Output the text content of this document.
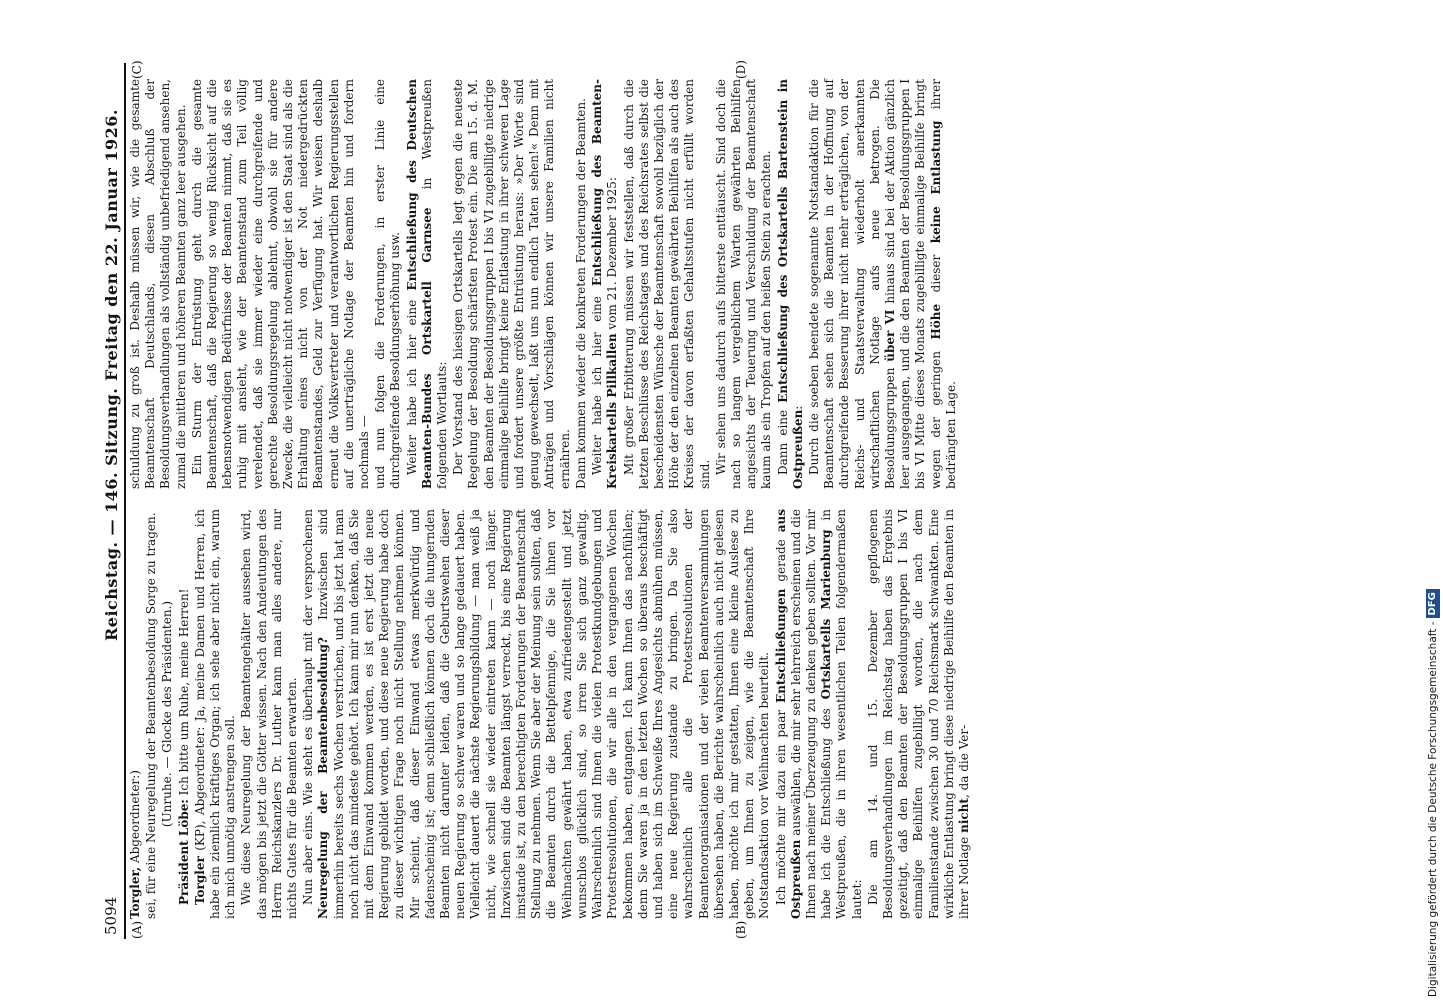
5094
Reichstag. — 146. Sitzung.
Freitag den 22. Januar 1926.
(A)	(B)
(C)	(D)

Torgler, Abgeordneter:) sei, für eine Neuregelung der Beamtenbesoldung Sorge zu tragen. (Unruhe. — Glocke des Präsidenten.)

Präsident Löbe: Ich bitte um Ruhe, meine Herren!

Torgler (KP), Abgeordneter: Ja, meine Damen und Herren, ich habe ein ziemlich kräftiges Organ; ich sehe aber nicht ein, warum ich mich unnötig anstrengen soll. Wie diese Neuregelung der Beamtengehälter aussehen wird, das mögen bis jetzt die Götter wissen. Nach den Andeutungen des Herrn Reichskanzlers Dr. Luther kann man alles andere, nur nichts Gutes für die Beamten erwarten. Nun aber eins. Wie steht es überhaupt mit der versprochenen Neuregelung der Beamtenbesoldung? Inzwischen sind immerhin bereits sechs Wochen verstrichen, und bis jetzt hat man noch nicht das mindeste gehört. Ich kann mir nun denken, daß Sie mit dem Einwand kommen werden, es ist erst jetzt die neue Regierung gebildet worden, und diese neue Regierung habe doch zu dieser wichtigen Frage noch nicht Stellung nehmen können. Mir scheint, daß dieser Einwand etwas merkwürdig und fadenscheinig ist; denn schließlich können doch die hungernden Beamten nicht darunter leiden, daß die Geburtswehen dieser neuen Regierung so schwer waren und so lange gedauert haben. Vielleicht dauert die nächste Regierungsbildung — man weiß ja nicht, wie schnell sie wieder eintreten kann — noch länger. Inzwischen sind die Beamten längst verreckt, bis eine Regierung imstande ist, zu den berechtigten Forderungen der Beamtenschaft Stellung zu nehmen. Wenn Sie aber der Meinung sein sollten, daß die Beamten durch die Bettelpfennige, die Sie ihnen vor Weihnachten gewährt haben, etwa zufriedengestellt und jetzt wunschlos glücklich sind, so irren Sie sich ganz gewaltig. Wahrscheinlich sind Ihnen die vielen Protestkundgebungen und Protestresolutionen, die wir alle in den vergangenen Wochen bekommen haben, entgangen. Ich kann Ihnen das nachfühlen; denn Sie waren ja in den letzten Wochen so überaus beschäftigt und haben sich im Schweiße Ihres Angesichts abmühen müssen, eine neue Regierung zustande zu bringen. Da Sie also wahrscheinlich alle die Protestresolutionen der Beamtenorganisationen und der vielen Beamtenversammlungen übersehen haben, die Berichte wahrscheinlich auch nicht gelesen haben, möchte ich mir gestatten, Ihnen eine kleine Auslese zu geben, um Ihnen zu zeigen, wie die Beamtenschaft Ihre Notstandsaktion vor Weihnachten beurteilt. Ich möchte mir dazu ein paar Entschließungen gerade aus Ostpreußen auswählen, die mir sehr lehrreich erscheinen und die Ihnen nach meiner Überzeugung zu denken geben sollten. Vor mir habe ich die Entschließung des Ortskartells Marienburg in Westpreußen, die in ihren wesentlichen Teilen folgendermaßen lautet: Die am 14. und 15. Dezember gepflogenen Besoldungsverhandlungen im Reichstag haben das Ergebnis gezeitigt, daß den Beamten der Besoldungsgruppen I bis VI einmalige Beihilfen zugebilligt worden, die nach dem Familienstande zwischen 30 und 70 Reichsmark schwankten. Eine wirkliche Entlastung bringt diese niedrige Beihilfe den Beamten in ihrer Notlage nicht, da die Ver-

schuldung zu groß ist. Deshalb müssen wir, wie die gesamte Beamtenschaft Deutschlands, diesen Abschluß der Besoldungsverhandlungen als vollständig unbefriedigend ansehen, zumal die mittleren und höheren Beamten ganz leer ausgehen. Ein Sturm der Entrüstung geht durch die gesamte Beamtenschaft, daß die Regierung so wenig Rücksicht auf die lebensnotwendigen Bedürfnisse der Beamten nimmt, daß sie es ruhig mit ansieht, wie der Beamtenstand zum Teil völlig verelendet, daß sie immer wieder eine durchgreifende und gerechte Besoldungsregelung ablehnt, obwohl sie für andere Zwecke, die vielleicht nicht notwendiger ist den Staat sind als die Erhaltung eines nicht von der Not niedergedrückten Beamtenstandes, Geld zur Verfügung hat. Wir weisen deshalb erneut die Volksvertreter und verantwortlichen Regierungsstellen auf die unerträgliche Notlage der Beamten hin und fordern nochmals — und nun folgen die Forderungen, in erster Linie eine durchgreifende Besoldungserhöhung usw. Weiter habe ich hier eine Entschließung des Deutschen Beamten-Bundes Ortskartell Garnsee in Westpreußen folgenden Wortlauts: Der Vorstand des hiesigen Ortskartells legt gegen die neueste Regelung der Besoldung schärfsten Protest ein. Die am 15. d. M. den Beamten der Besoldungsgruppen I bis VI zugebilligte niedrige einmalige Beihilfe bringt keine Entlastung in ihrer schweren Lage und fordert unsere größte Entrüstung heraus: »Der Worte sind genug gewechselt, laßt uns nun endlich Taten sehen!« Denn mit Anträgen und Vorschlägen können wir unsere Familien nicht ernähren. Dann kommen wieder die konkreten Forderungen der Beamten. Weiter habe ich hier eine Entschließung des Beamten-Kreiskartells Pillkallen vom 21. Dezember 1925: Mit großer Erbitterung müssen wir feststellen, daß durch die letzten Beschlüsse des Reichstages und des Reichsrates selbst die bescheidensten Wünsche der Beamtenschaft sowohl bezüglich der Höhe der den einzelnen Beamten gewährten Beihilfen als auch des Kreises der davon erfaßten Gehaltsstufen nicht erfüllt worden sind. Wir sehen uns dadurch aufs bitterste enttäuscht. Sind doch die nach so langem vergeblichem Warten gewährten Beihilfen angesichts der Teuerung und Verschuldung der Beamtenschaft kaum als ein Tropfen auf den heißen Stein zu erachten. Dann eine Entschließung des Ortskartells Bartenstein in Ostpreußen: Durch die soeben beendete sogenannte Notstandaktion für die Beamtenschaft sehen sich die Beamten in der Hoffnung auf durchgreifende Besserung ihrer nicht mehr erträglichen, von der Reichs- und Staatsverwaltung wiederholt anerkannten wirtschaftlichen Notlage aufs neue betrogen. Die Besoldungsgruppen über VI hinaus sind bei der Aktion gänzlich leer ausgegangen, und die den Beamten der Besoldungsgruppen I bis VI Mitte dieses Monats zugebilligte einmalige Beihilfe bringt wegen der geringen Höhe dieser keine Entlastung ihrer bedrängten Lage.

Digitalisierung gefördert durch die Deutsche Forschungsgemeinschaft -DFG
